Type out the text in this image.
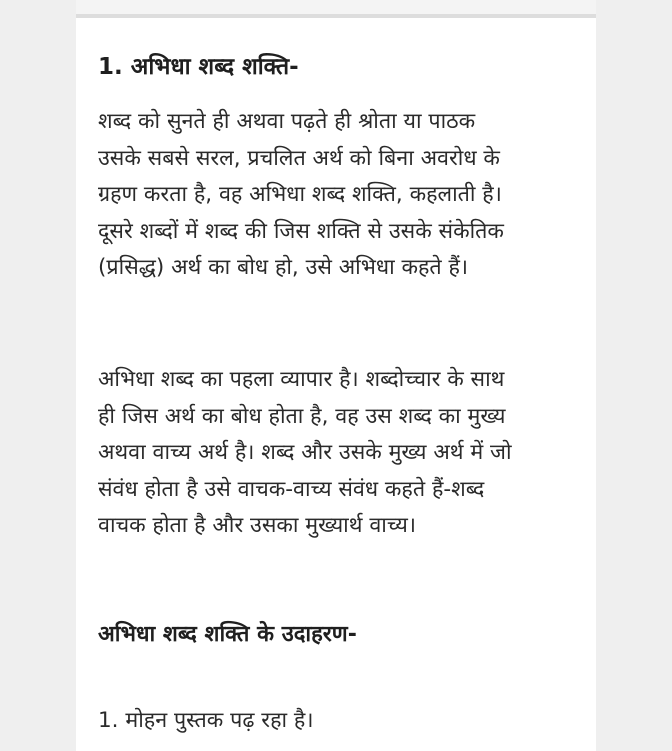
1. अभिधा शब्द शक्ति-
शब्द को सुनते ही अथवा पढ़ते ही श्रोता या पाठक
उसके सबसे सरल, प्रचलित अर्थ को बिना अवरोध के
ग्रहण करता है, वह अभिधा शब्द शक्ति, कहलाती है।
दूसरे शब्दों में शब्द की जिस शक्ति से उसके संकेतिक
(प्रसिद्ध) अर्थ का बोध हो, उसे अभिधा कहते हैं।
अभिधा शब्द का पहला व्यापार है। शब्दोच्चार के साथ
ही जिस अर्थ का बोध होता है, वह उस शब्द का मुख्य
अथवा वाच्य अर्थ है। शब्द और उसके मुख्य अर्थ में जो
संवंध होता है उसे वाचक-वाच्य संवंध कहते हैं-शब्द
वाचक होता है और उसका मुख्यार्थ वाच्य।
अभिधा शब्द शक्ति के उदाहरण-

1. मोहन पुस्तक पढ़ रहा है।
